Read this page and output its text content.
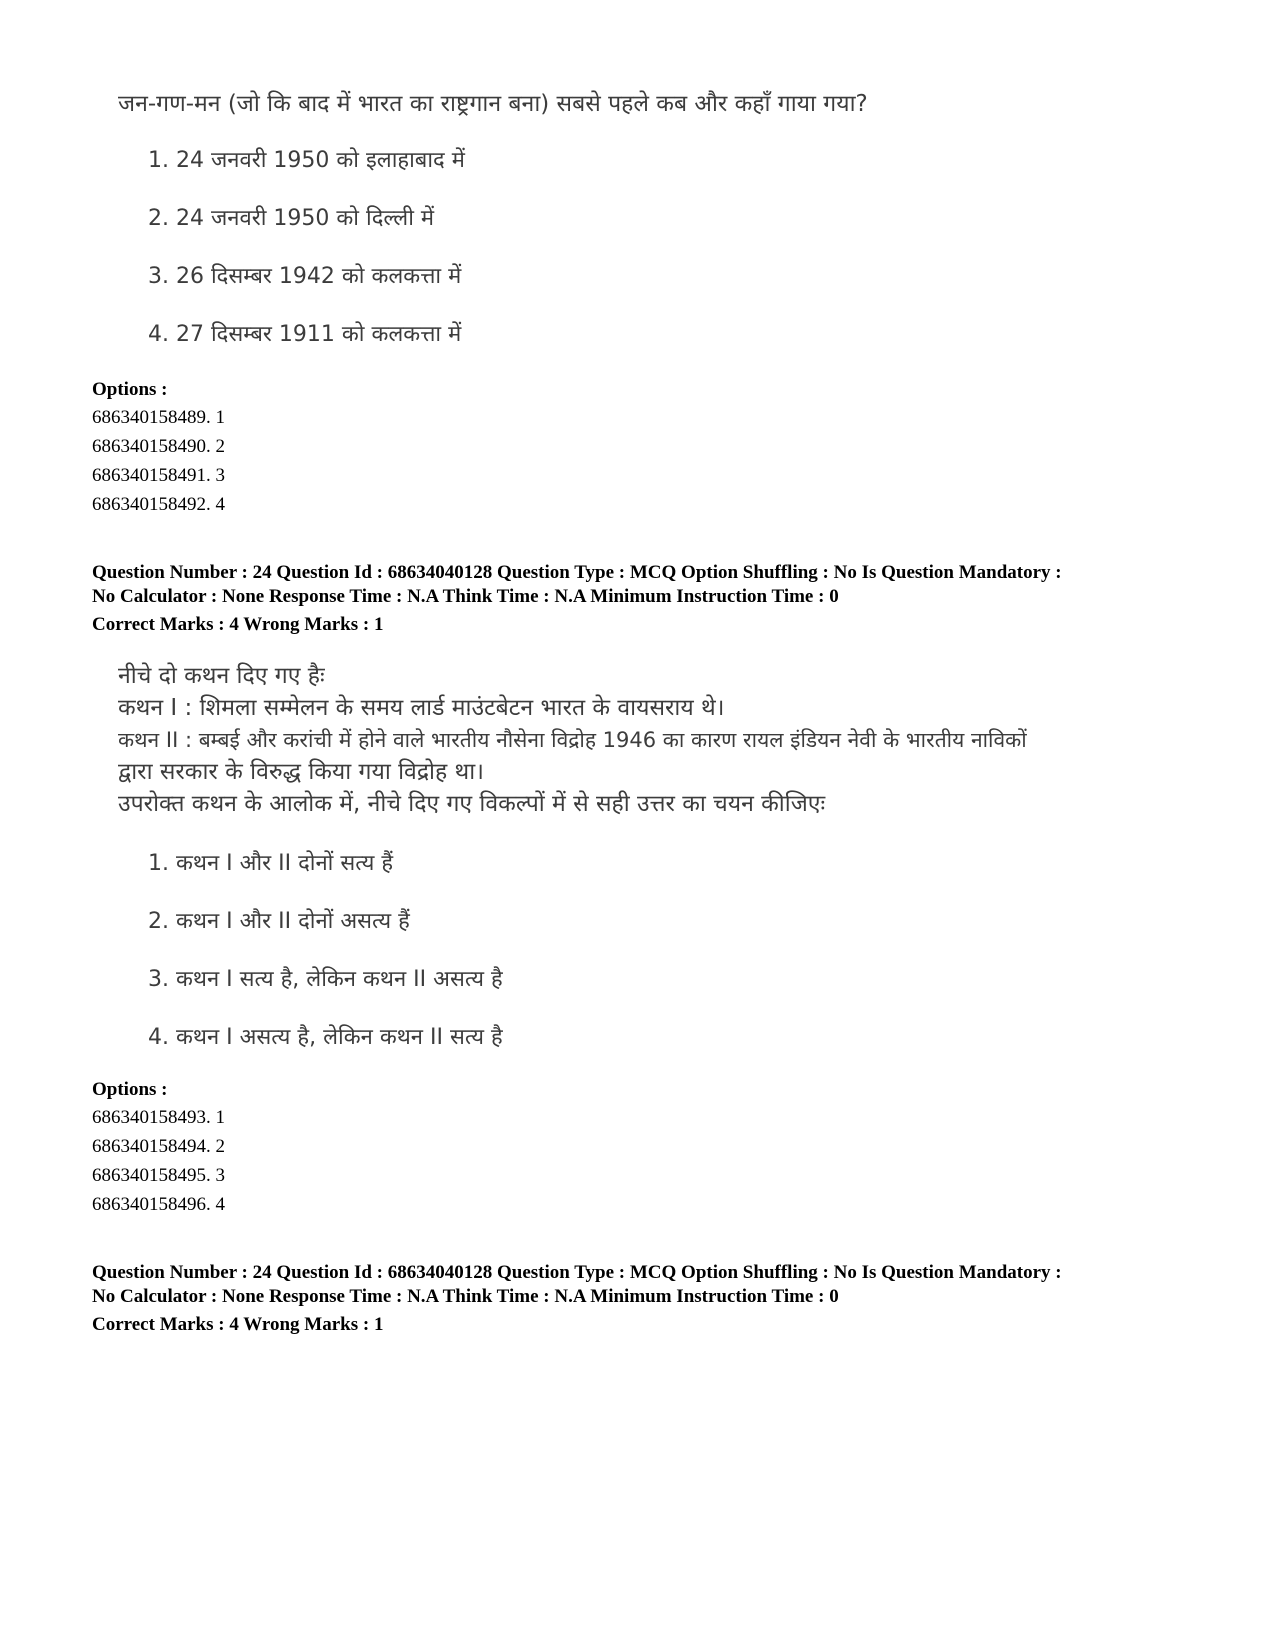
जन-गण-मन (जो कि बाद में भारत का राष्ट्रगान बना) सबसे पहले कब और कहाँ गाया गया?
1. 24 जनवरी 1950 को इलाहाबाद में
2. 24 जनवरी 1950 को दिल्ली में
3. 26 दिसम्बर 1942 को कलकत्ता में
4. 27 दिसम्बर 1911 को कलकत्ता में
Options :
686340158489. 1
686340158490. 2
686340158491. 3
686340158492. 4
Question Number : 24 Question Id : 68634040128 Question Type : MCQ Option Shuffling : No Is Question Mandatory :
No Calculator : None Response Time : N.A Think Time : N.A Minimum Instruction Time : 0
Correct Marks : 4 Wrong Marks : 1
नीचे दो कथन दिए गए हैः
कथन I : शिमला सम्मेलन के समय लार्ड माउंटबेटन भारत के वायसराय थे।
कथन II : बम्बई और करांची में होने वाले भारतीय नौसेना विद्रोह 1946 का कारण रायल इंडियन नेवी के भारतीय नाविकों
द्वारा सरकार के विरुद्ध किया गया विद्रोह था।
उपरोक्त कथन के आलोक में, नीचे दिए गए विकल्पों में से सही उत्तर का चयन कीजिएः
1. कथन I और II दोनों सत्य हैं
2. कथन I और II दोनों असत्य हैं
3. कथन I सत्य है, लेकिन कथन II असत्य है
4. कथन I असत्य है, लेकिन कथन II सत्य है
Options :
686340158493. 1
686340158494. 2
686340158495. 3
686340158496. 4
Question Number : 24 Question Id : 68634040128 Question Type : MCQ Option Shuffling : No Is Question Mandatory :
No Calculator : None Response Time : N.A Think Time : N.A Minimum Instruction Time : 0
Correct Marks : 4 Wrong Marks : 1
